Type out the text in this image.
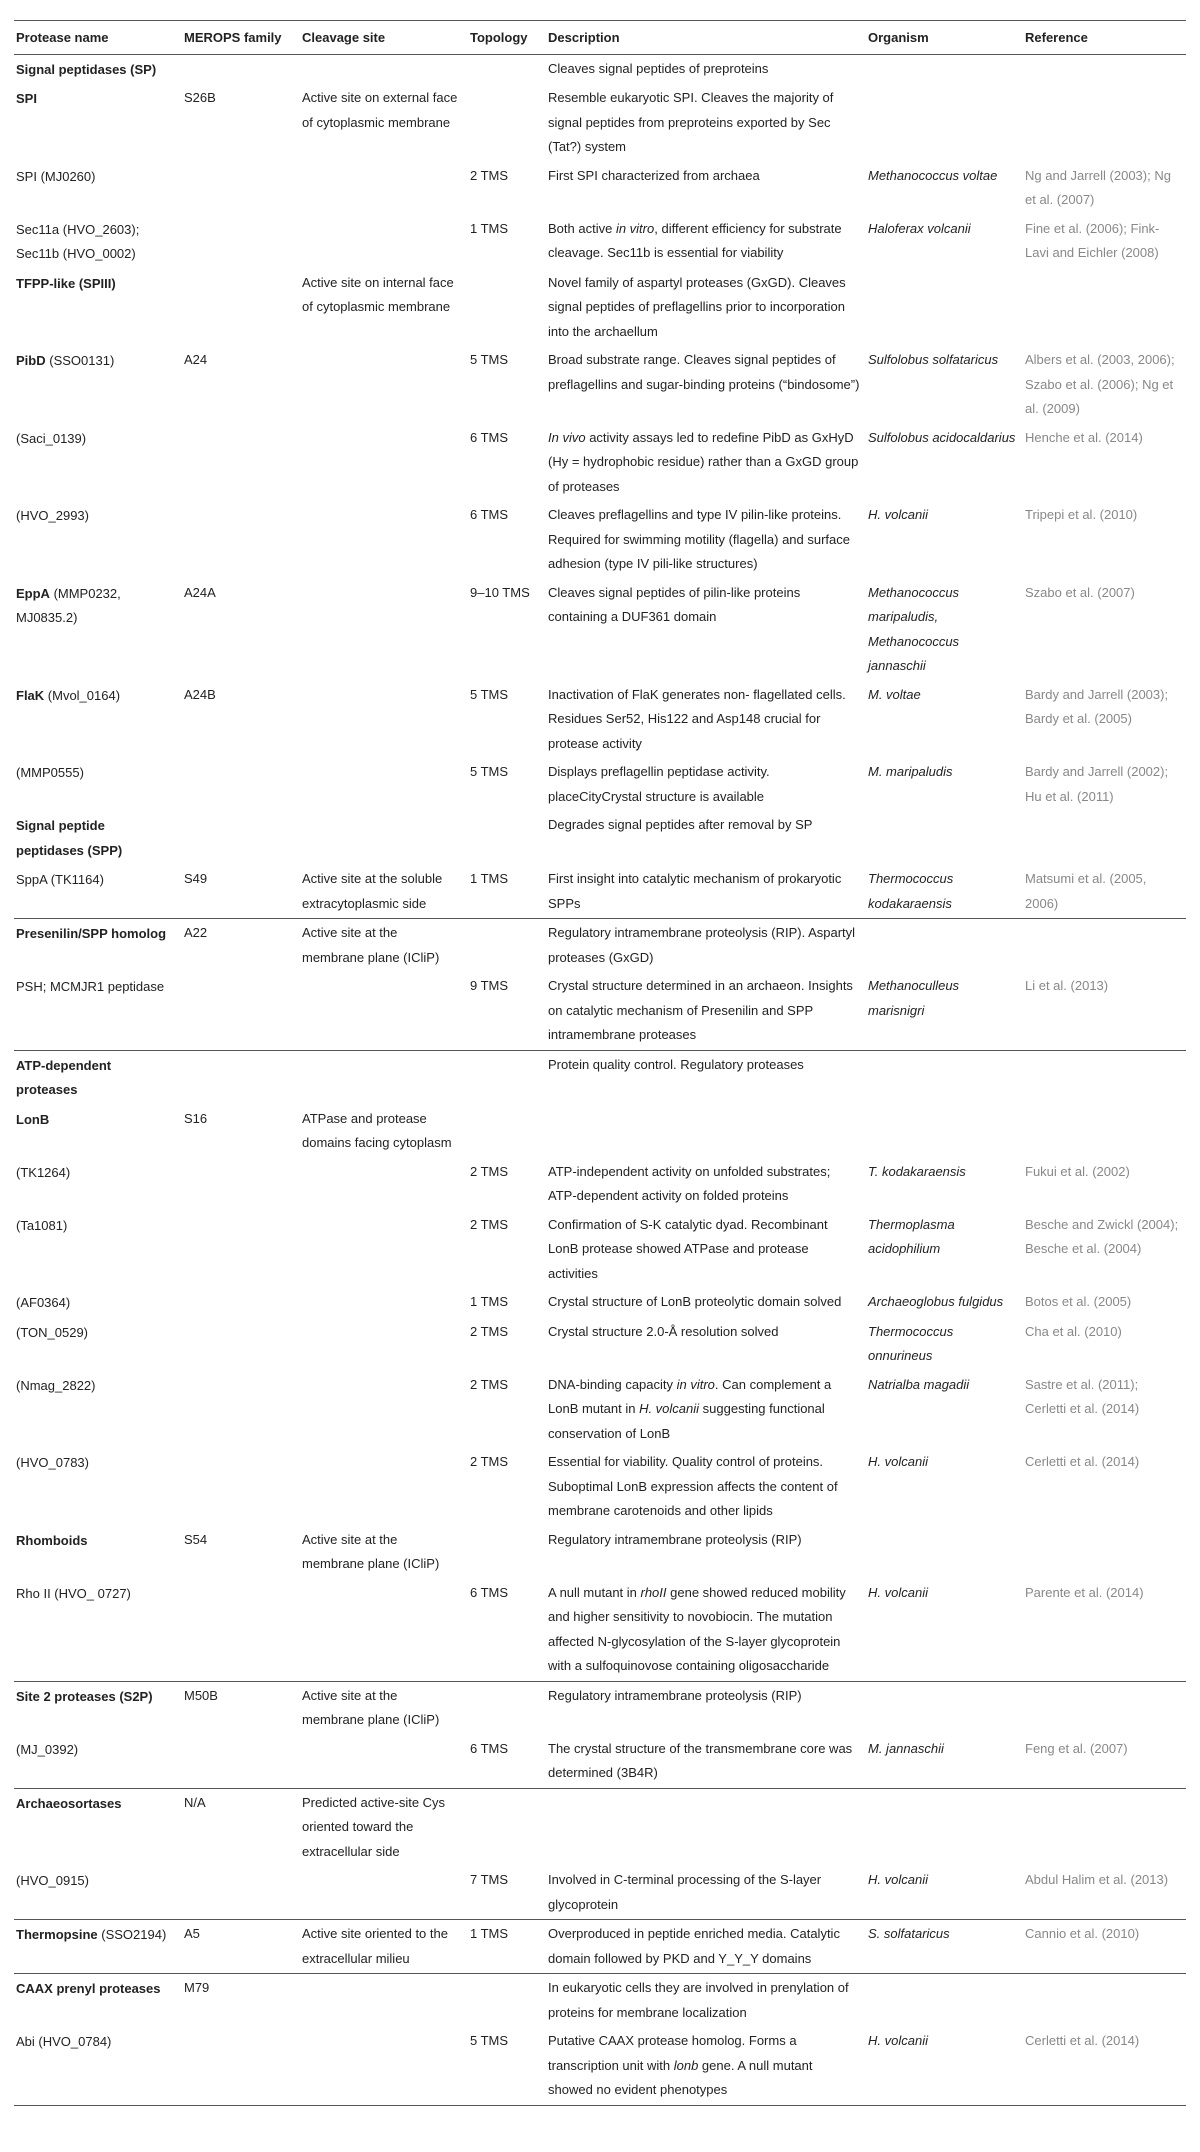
Protease name	MEROPS family	Cleavage site	Topology	Description	Organism	Reference
Signal peptidases (SP)				Cleaves signal peptides of preproteins		
SPI	S26B	Active site on external face of cytoplasmic membrane		Resemble eukaryotic SPI. Cleaves the majority of signal peptides from preproteins exported by Sec (Tat?) system		
SPI (MJ0260)			2 TMS	First SPI characterized from archaea	Methanococcus voltae	Ng and Jarrell (2003); Ng et al. (2007)
Sec11a (HVO_2603); Sec11b (HVO_0002)			1 TMS	Both active in vitro, different efficiency for substrate cleavage. Sec11b is essential for viability	Haloferax volcanii	Fine et al. (2006); Fink-Lavi and Eichler (2008)
TFPP-like (SPIII)		Active site on internal face of cytoplasmic membrane		Novel family of aspartyl proteases (GxGD). Cleaves signal peptides of preflagellins prior to incorporation into the archaellum		
PibD (SSO0131)	A24		5 TMS	Broad substrate range. Cleaves signal peptides of preflagellins and sugar-binding proteins (“bindosome”)	Sulfolobus solfataricus	Albers et al. (2003, 2006); Szabo et al. (2006); Ng et al. (2009)
(Saci_0139)			6 TMS	In vivo activity assays led to redefine PibD as GxHyD (Hy = hydrophobic residue) rather than a GxGD group of proteases	Sulfolobus acidocaldarius	Henche et al. (2014)
(HVO_2993)			6 TMS	Cleaves preflagellins and type IV pilin-like proteins. Required for swimming motility (flagella) and surface adhesion (type IV pili-like structures)	H. volcanii	Tripepi et al. (2010)
EppA (MMP0232, MJ0835.2)	A24A		9–10 TMS	Cleaves signal peptides of pilin-like proteins containing a DUF361 domain	Methanococcus maripaludis, Methanococcus jannaschii	Szabo et al. (2007)
FlaK (Mvol_0164)	A24B		5 TMS	Inactivation of FlaK generates non- flagellated cells. Residues Ser52, His122 and Asp148 crucial for protease activity	M. voltae	Bardy and Jarrell (2003); Bardy et al. (2005)
(MMP0555)			5 TMS	Displays preflagellin peptidase activity. placeCityCrystal structure is available	M. maripaludis	Bardy and Jarrell (2002); Hu et al. (2011)
Signal peptide peptidases (SPP)				Degrades signal peptides after removal by SP		
SppA (TK1164)	S49	Active site at the soluble extracytoplasmic side	1 TMS	First insight into catalytic mechanism of prokaryotic SPPs	Thermococcus kodakaraensis	Matsumi et al. (2005, 2006)
Presenilin/SPP homolog	A22	Active site at the membrane plane (ICliP)		Regulatory intramembrane proteolysis (RIP). Aspartyl proteases (GxGD)		
PSH; MCMJR1 peptidase			9 TMS	Crystal structure determined in an archaeon. Insights on catalytic mechanism of Presenilin and SPP intramembrane proteases	Methanoculleus marisnigri	Li et al. (2013)
ATP-dependent proteases				Protein quality control. Regulatory proteases		
LonB	S16	ATPase and protease domains facing cytoplasm				
(TK1264)			2 TMS	ATP-independent activity on unfolded substrates; ATP-dependent activity on folded proteins	T. kodakaraensis	Fukui et al. (2002)
(Ta1081)			2 TMS	Confirmation of S-K catalytic dyad. Recombinant LonB protease showed ATPase and protease activities	Thermoplasma acidophilium	Besche and Zwickl (2004); Besche et al. (2004)
(AF0364)			1 TMS	Crystal structure of LonB proteolytic domain solved	Archaeoglobus fulgidus	Botos et al. (2005)
(TON_0529)			2 TMS	Crystal structure 2.0-Å resolution solved	Thermococcus onnurineus	Cha et al. (2010)
(Nmag_2822)			2 TMS	DNA-binding capacity in vitro. Can complement a LonB mutant in H. volcanii suggesting functional conservation of LonB	Natrialba magadii	Sastre et al. (2011); Cerletti et al. (2014)
(HVO_0783)			2 TMS	Essential for viability. Quality control of proteins. Suboptimal LonB expression affects the content of membrane carotenoids and other lipids	H. volcanii	Cerletti et al. (2014)
Rhomboids	S54	Active site at the membrane plane (ICliP)		Regulatory intramembrane proteolysis (RIP)		
Rho II (HVO_ 0727)			6 TMS	A null mutant in rhoII gene showed reduced mobility and higher sensitivity to novobiocin. The mutation affected N-glycosylation of the S-layer glycoprotein with a sulfoquinovose containing oligosaccharide	H. volcanii	Parente et al. (2014)
Site 2 proteases (S2P)	M50B	Active site at the membrane plane (ICliP)		Regulatory intramembrane proteolysis (RIP)		
(MJ_0392)			6 TMS	The crystal structure of the transmembrane core was determined (3B4R)	M. jannaschii	Feng et al. (2007)
Archaeosortases	N/A	Predicted active-site Cys oriented toward the extracellular side				
(HVO_0915)			7 TMS	Involved in C-terminal processing of the S-layer glycoprotein	H. volcanii	Abdul Halim et al. (2013)
Thermopsine (SSO2194)	A5	Active site oriented to the extracellular milieu	1 TMS	Overproduced in peptide enriched media. Catalytic domain followed by PKD and Y_Y_Y domains	S. solfataricus	Cannio et al. (2010)
CAAX prenyl proteases	M79			In eukaryotic cells they are involved in prenylation of proteins for membrane localization		
Abi (HVO_0784)			5 TMS	Putative CAAX protease homolog. Forms a transcription unit with lonb gene. A null mutant showed no evident phenotypes	H. volcanii	Cerletti et al. (2014)
